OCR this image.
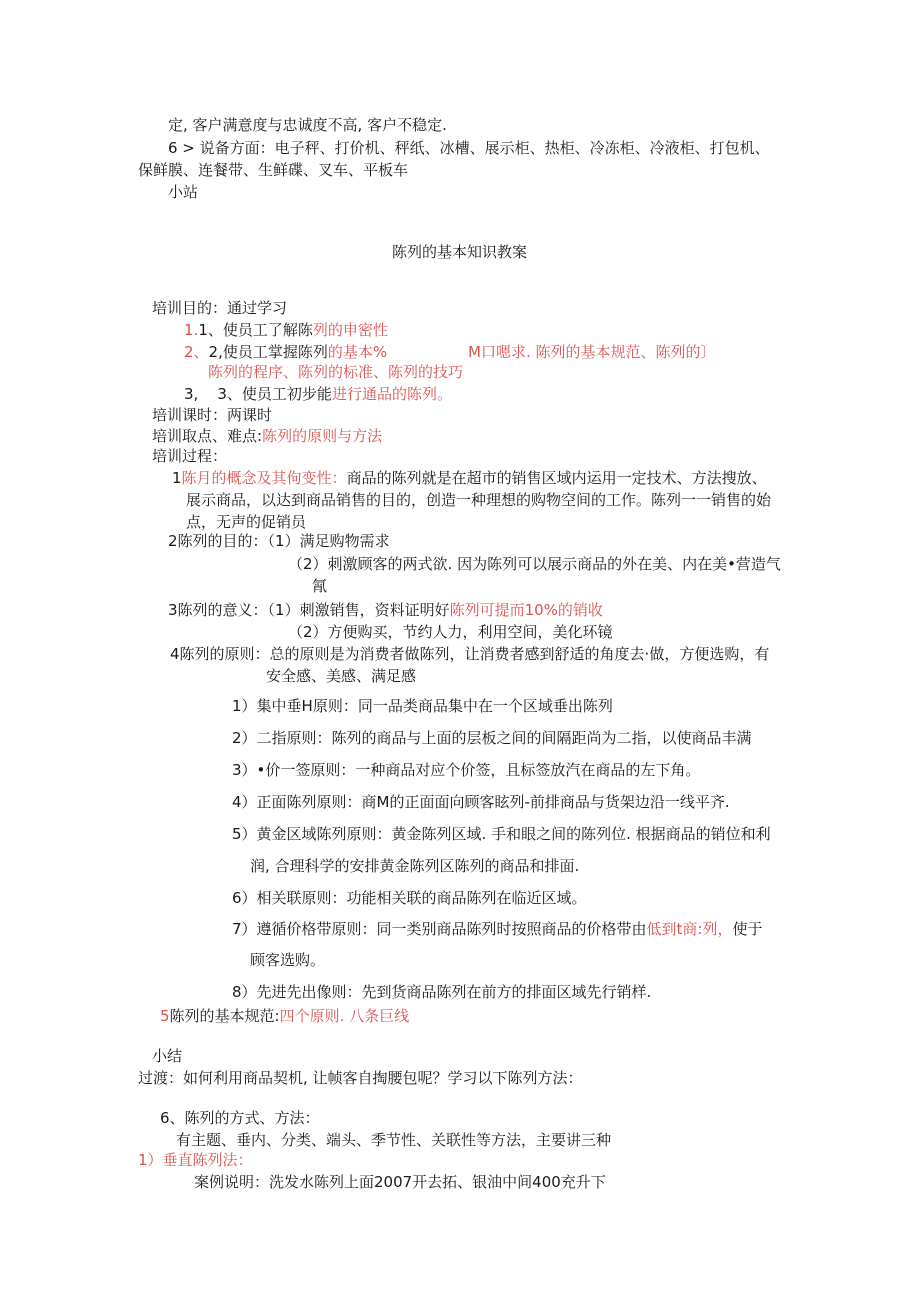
定, 客户满意度与忠诚度不高, 客户不稳定.
6 > 说备方面：电子秤、打价机、秤纸、冰槽、展示柜、热柜、冷冻柜、冷液柜、打包机、
保鲜膜、连餐带、生鲜碟、叉车、平板车
小站
陈列的基本知识教案
培训目的：通过学习
1.1、使员工了解陈列的申密性
2、2,使员工掌握陈列的基本%	M口嗯求. 陈列的基本规范、陈列的〕
陈列的程序、陈列的标准、陈列的技巧
3, 3、使员工初步能进行通品的陈列。
培训课时：两课时
培训取点、难点:陈列的原则与方法
培训过程：
1陈月的概念及其佝变性：商品的陈列就是在超市的销售区域内运用一定技术、方法搜放、
展示商品，以达到商品销售的目的，创造一种理想的购物空间的工作。陈列一一销售的始
点，无声的促销员
2陈列的目的：（1）满足购物需求
（2）刺激顾客的两式欲. 因为陈列可以展示商品的外在美、内在美•营造气
㲵
3陈列的意义：（1）刺激销售，资料证明好陈列可提而10%的销收
（2）方便购买，节约人力，利用空间，美化环镜
4陈列的原则：总的原则是为消费者做陈列，让消费者感到舒适的角度去·做，方便选购，有
安全感、美感、满足感
1）集中垂H原则：同一品类商品集中在一个区域垂出陈列
2）二指原则：陈列的商品与上面的层板之间的间隔距尚为二指，以使商品丰满
3）•价一签原则：一种商品对应个价签，且标签放汽在商品的左下角。
4）正面陈列原则：商M的正面面向顾客眩列-前排商品与货架边沿一线平齐.
5）黄金区域陈列原则：黄金陈列区域. 手和眼之间的陈列位. 根据商品的销位和利
润, 合理科学的安排黄金陈列区陈列的商品和排面.
6）相关联原则：功能相关联的商品陈列在临近区域。
7）遵循价格带原则：同一类别商品陈列时按照商品的价格带由低到t商:列，使于
顾客选购。
8）先进先出像则：先到货商品陈列在前方的排面区域先行销样.
5陈列的基本规范:四个原则. 八条巨线
小结
过渡：如何利用商品契机, 让帧客自掏腰包呢？学习以下陈列方法：
6、陈列的方式、方法：
有主题、垂内、分类、端头、季节性、关联性等方法，主要讲三种
1）垂直陈列法：
案例说明：洗发水陈列上面2007开去拓、银油中间400充升下
